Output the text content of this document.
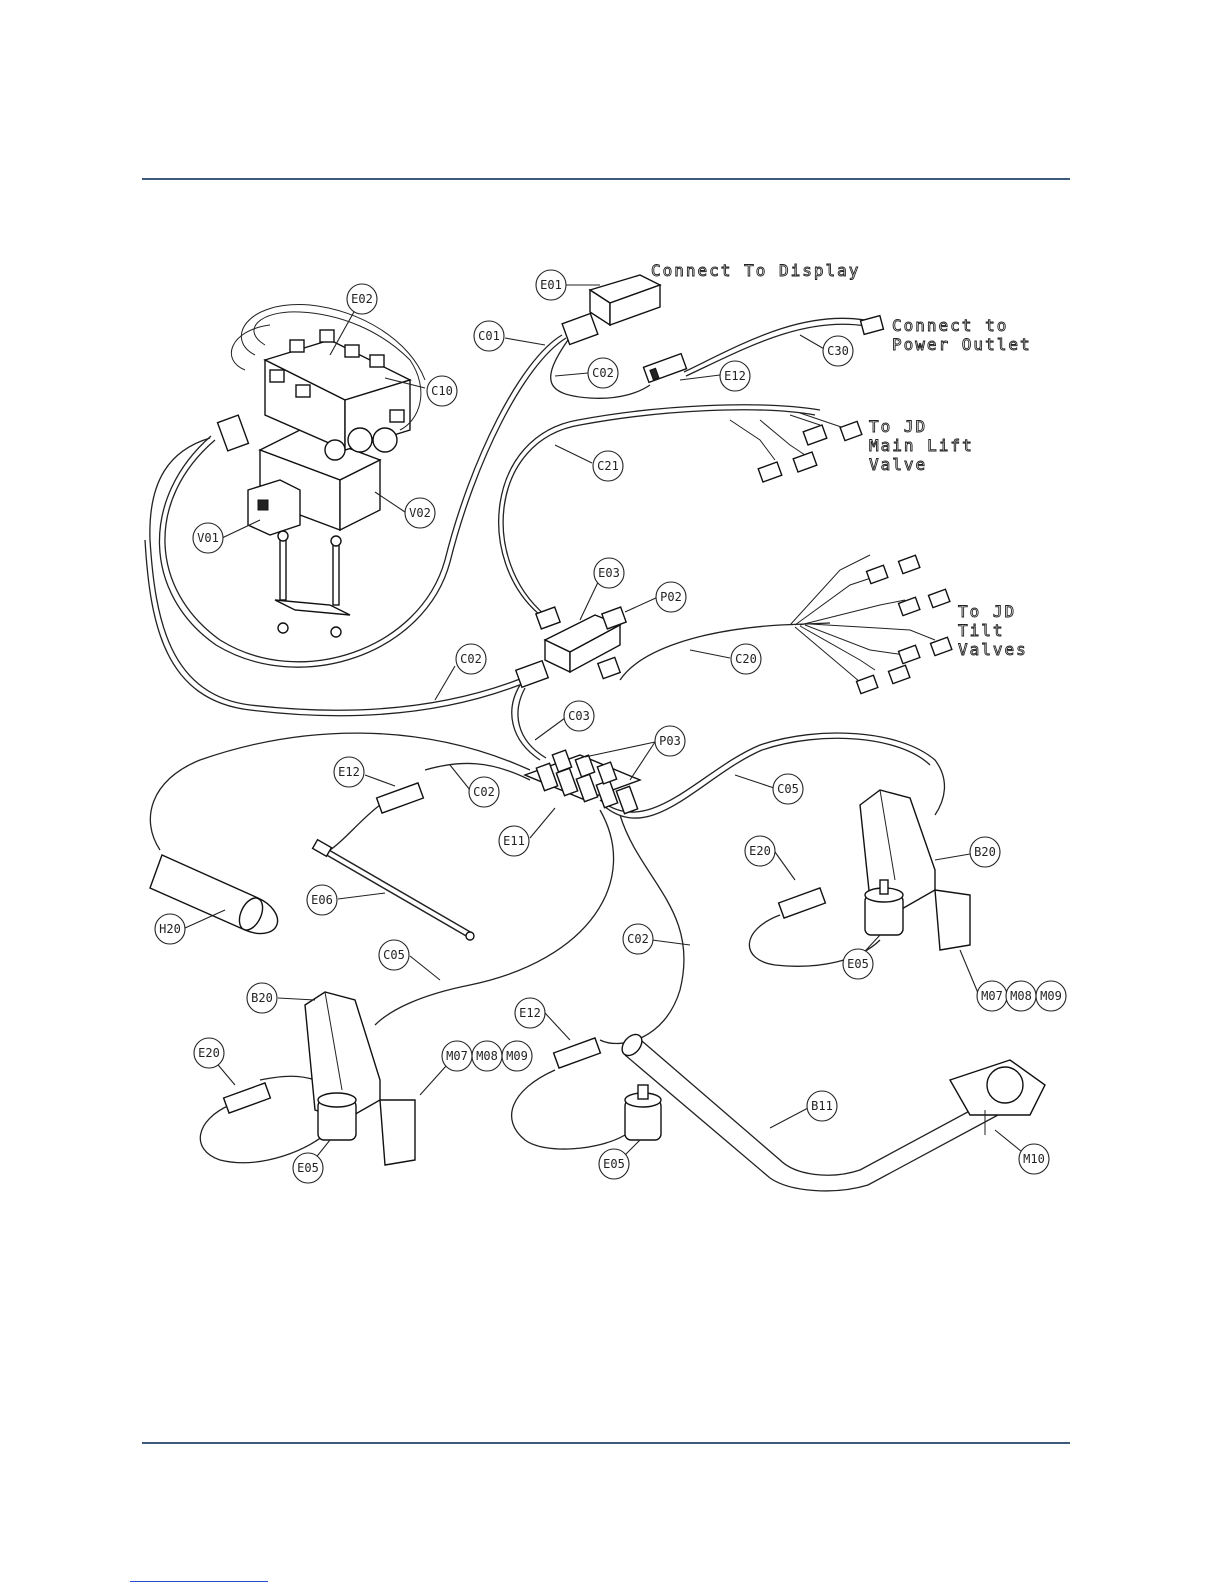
E01
E02
C01
C10
C02	E12
C30
C21
V01
V02
E03
P02
C02	C20
C03
P03
E12
C02	C05
E11
B20
E20
E06
H20
C02
C05
E05
M07 M08 M09
B20
E12
M07 M08 M09
E20
B11
M10
E05	E05
Connect To Display
Connect to
Power Outlet
To JD
Main Lift
Valve
To JD
Tilt
Valves
